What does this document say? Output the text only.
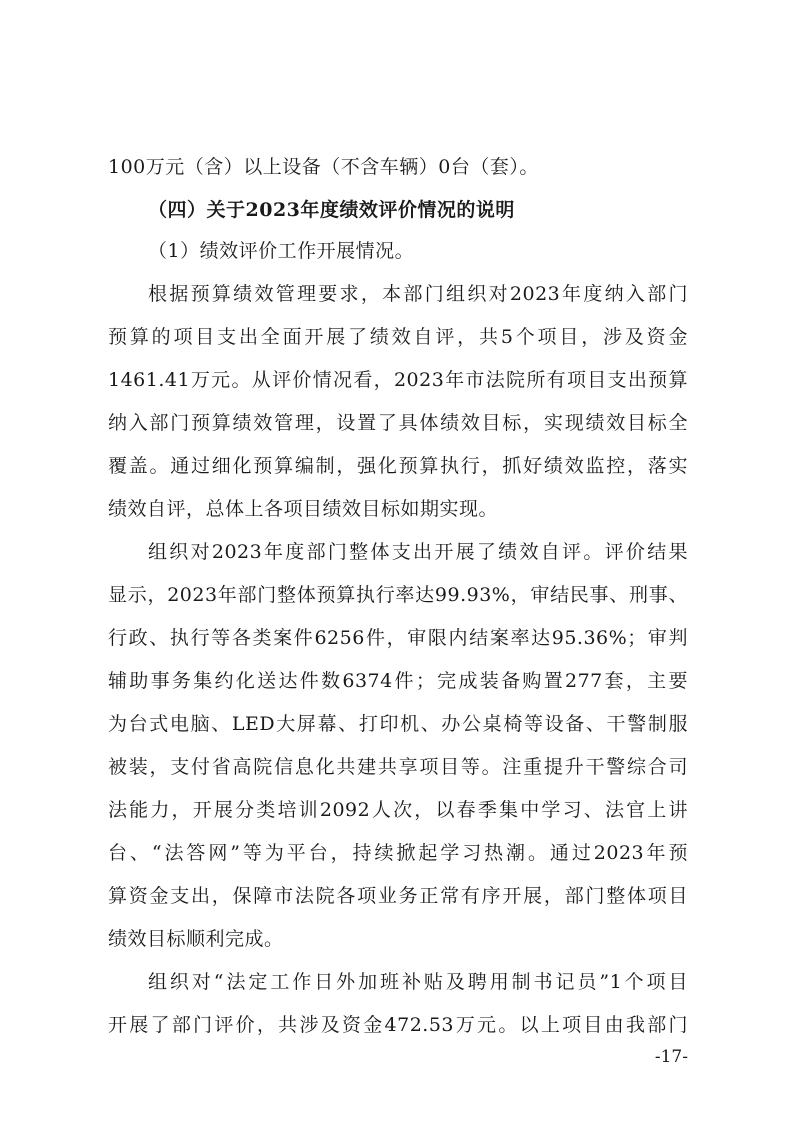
100万元（含）以上设备（不含车辆）0台（套）。
（四）关于2023年度绩效评价情况的说明
（1）绩效评价工作开展情况。
根据预算绩效管理要求，本部门组织对2023年度纳入部门
预算的项目支出全面开展了绩效自评，共5个项目，涉及资金
1461.41万元。从评价情况看，2023年市法院所有项目支出预算
纳入部门预算绩效管理，设置了具体绩效目标，实现绩效目标全
覆盖。通过细化预算编制，强化预算执行，抓好绩效监控，落实
绩效自评，总体上各项目绩效目标如期实现。
组织对2023年度部门整体支出开展了绩效自评。评价结果
显示，2023年部门整体预算执行率达99.93%，审结民事、刑事、
行政、执行等各类案件6256件，审限内结案率达95.36%；审判
辅助事务集约化送达件数6374件；完成装备购置277套，主要
为台式电脑、LED大屏幕、打印机、办公桌椅等设备、干警制服
被装，支付省高院信息化共建共享项目等。注重提升干警综合司
法能力，开展分类培训2092人次，以春季集中学习、法官上讲
台、“法答网”等为平台，持续掀起学习热潮。通过2023年预
算资金支出，保障市法院各项业务正常有序开展，部门整体项目
绩效目标顺利完成。
组织对“法定工作日外加班补贴及聘用制书记员”1个项目
开展了部门评价，共涉及资金472.53万元。以上项目由我部门
-17-
